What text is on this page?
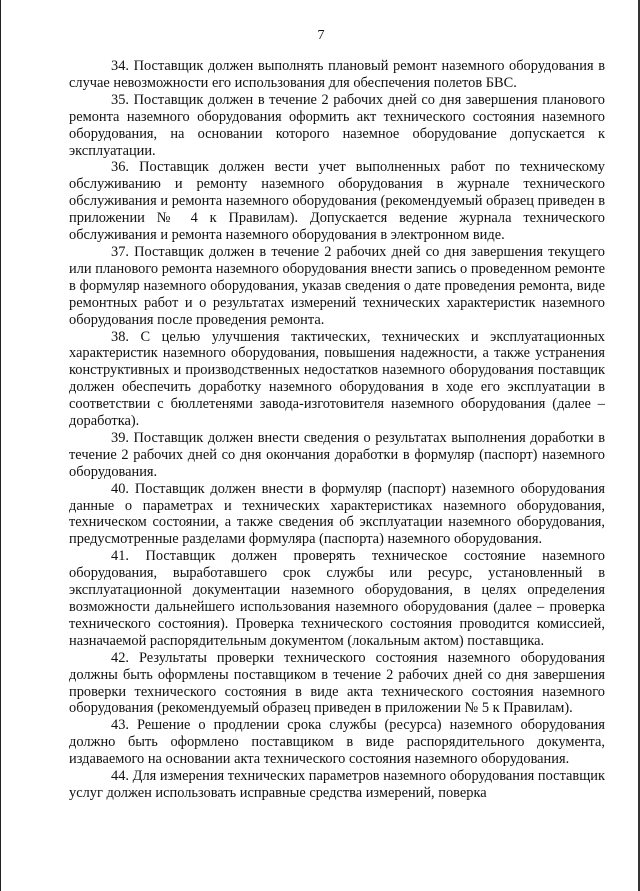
7

34. Поставщик должен выполнять плановый ремонт наземного оборудования в случае невозможности его использования для обеспечения полетов БВС.

35. Поставщик должен в течение 2 рабочих дней со дня завершения планового ремонта наземного оборудования оформить акт технического состояния наземного оборудования, на основании которого наземное оборудование допускается к эксплуатации.

36. Поставщик должен вести учет выполненных работ по техническому обслуживанию и ремонту наземного оборудования в журнале технического обслуживания и ремонта наземного оборудования (рекомендуемый образец приведен в приложении № 4 к Правилам). Допускается ведение журнала технического обслуживания и ремонта наземного оборудования в электронном виде.

37. Поставщик должен в течение 2 рабочих дней со дня завершения текущего или планового ремонта наземного оборудования внести запись о проведенном ремонте в формуляр наземного оборудования, указав сведения о дате проведения ремонта, виде ремонтных работ и о результатах измерений технических характеристик наземного оборудования после проведения ремонта.

38. С целью улучшения тактических, технических и эксплуатационных характеристик наземного оборудования, повышения надежности, а также устранения конструктивных и производственных недостатков наземного оборудования поставщик должен обеспечить доработку наземного оборудования в ходе его эксплуатации в соответствии с бюллетенями завода-изготовителя наземного оборудования (далее – доработка).

39. Поставщик должен внести сведения о результатах выполнения доработки в течение 2 рабочих дней со дня окончания доработки в формуляр (паспорт) наземного оборудования.

40. Поставщик должен внести в формуляр (паспорт) наземного оборудования данные о параметрах и технических характеристиках наземного оборудования, техническом состоянии, а также сведения об эксплуатации наземного оборудования, предусмотренные разделами формуляра (паспорта) наземного оборудования.

41. Поставщик должен проверять техническое состояние наземного оборудования, выработавшего срок службы или ресурс, установленный в эксплуатационной документации наземного оборудования, в целях определения возможности дальнейшего использования наземного оборудования (далее – проверка технического состояния). Проверка технического состояния проводится комиссией, назначаемой распорядительным документом (локальным актом) поставщика.

42. Результаты проверки технического состояния наземного оборудования должны быть оформлены поставщиком в течение 2 рабочих дней со дня завершения проверки технического состояния в виде акта технического состояния наземного оборудования (рекомендуемый образец приведен в приложении № 5 к Правилам).

43. Решение о продлении срока службы (ресурса) наземного оборудования должно быть оформлено поставщиком в виде распорядительного документа, издаваемого на основании акта технического состояния наземного оборудования.

44. Для измерения технических параметров наземного оборудования поставщик услуг должен использовать исправные средства измерений, поверка
